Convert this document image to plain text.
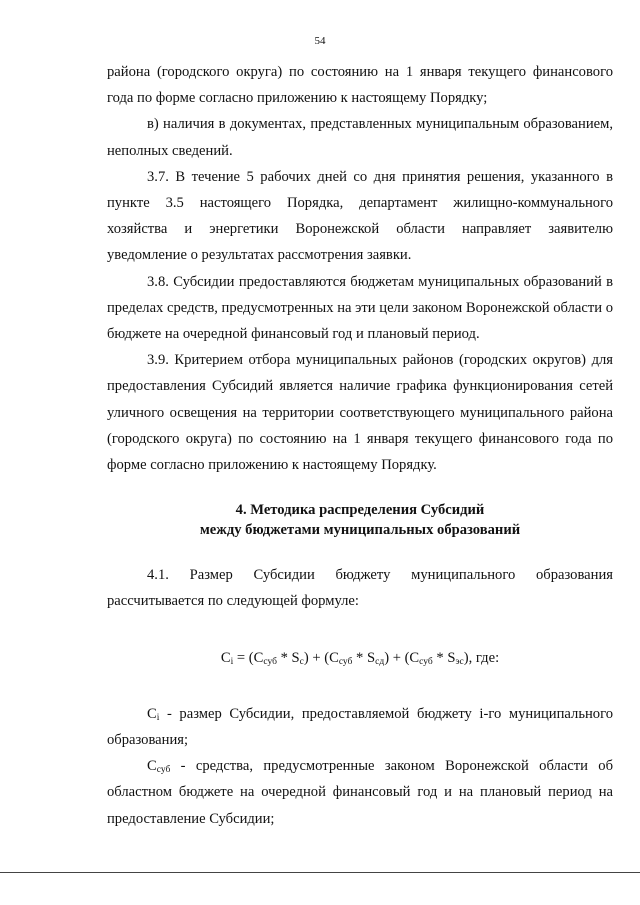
54

района (городского округа) по состоянию на 1 января текущего финансового года по форме согласно приложению к настоящему Порядку;

в) наличия в документах, представленных муниципальным образованием, неполных сведений.

3.7. В течение 5 рабочих дней со дня принятия решения, указанного в пункте 3.5 настоящего Порядка, департамент жилищно-коммунального хозяйства и энергетики Воронежской области направляет заявителю уведомление о результатах рассмотрения заявки.

3.8. Субсидии предоставляются бюджетам муниципальных образований в пределах средств, предусмотренных на эти цели законом Воронежской области о бюджете на очередной финансовый год и плановый период.

3.9. Критерием отбора муниципальных районов (городских округов) для предоставления Субсидий является наличие графика функционирования сетей уличного освещения на территории соответствующего муниципального района (городского округа) по состоянию на 1 января текущего финансового года по форме согласно приложению к настоящему Порядку.

4. Методика распределения Субсидий
между бюджетами муниципальных образований

4.1. Размер Субсидии бюджету муниципального образования рассчитывается по следующей формуле:

$C_i = (C_{суб} * S_с) + (C_{суб} * S_{сд}) + (C_{суб} * S_{эс})$, где:

$C_i$ - размер Субсидии, предоставляемой бюджету i-го муниципального образования;

$C_{суб}$ - средства, предусмотренные законом Воронежской области об областном бюджете на очередной финансовый год и на плановый период на предоставление Субсидии;
